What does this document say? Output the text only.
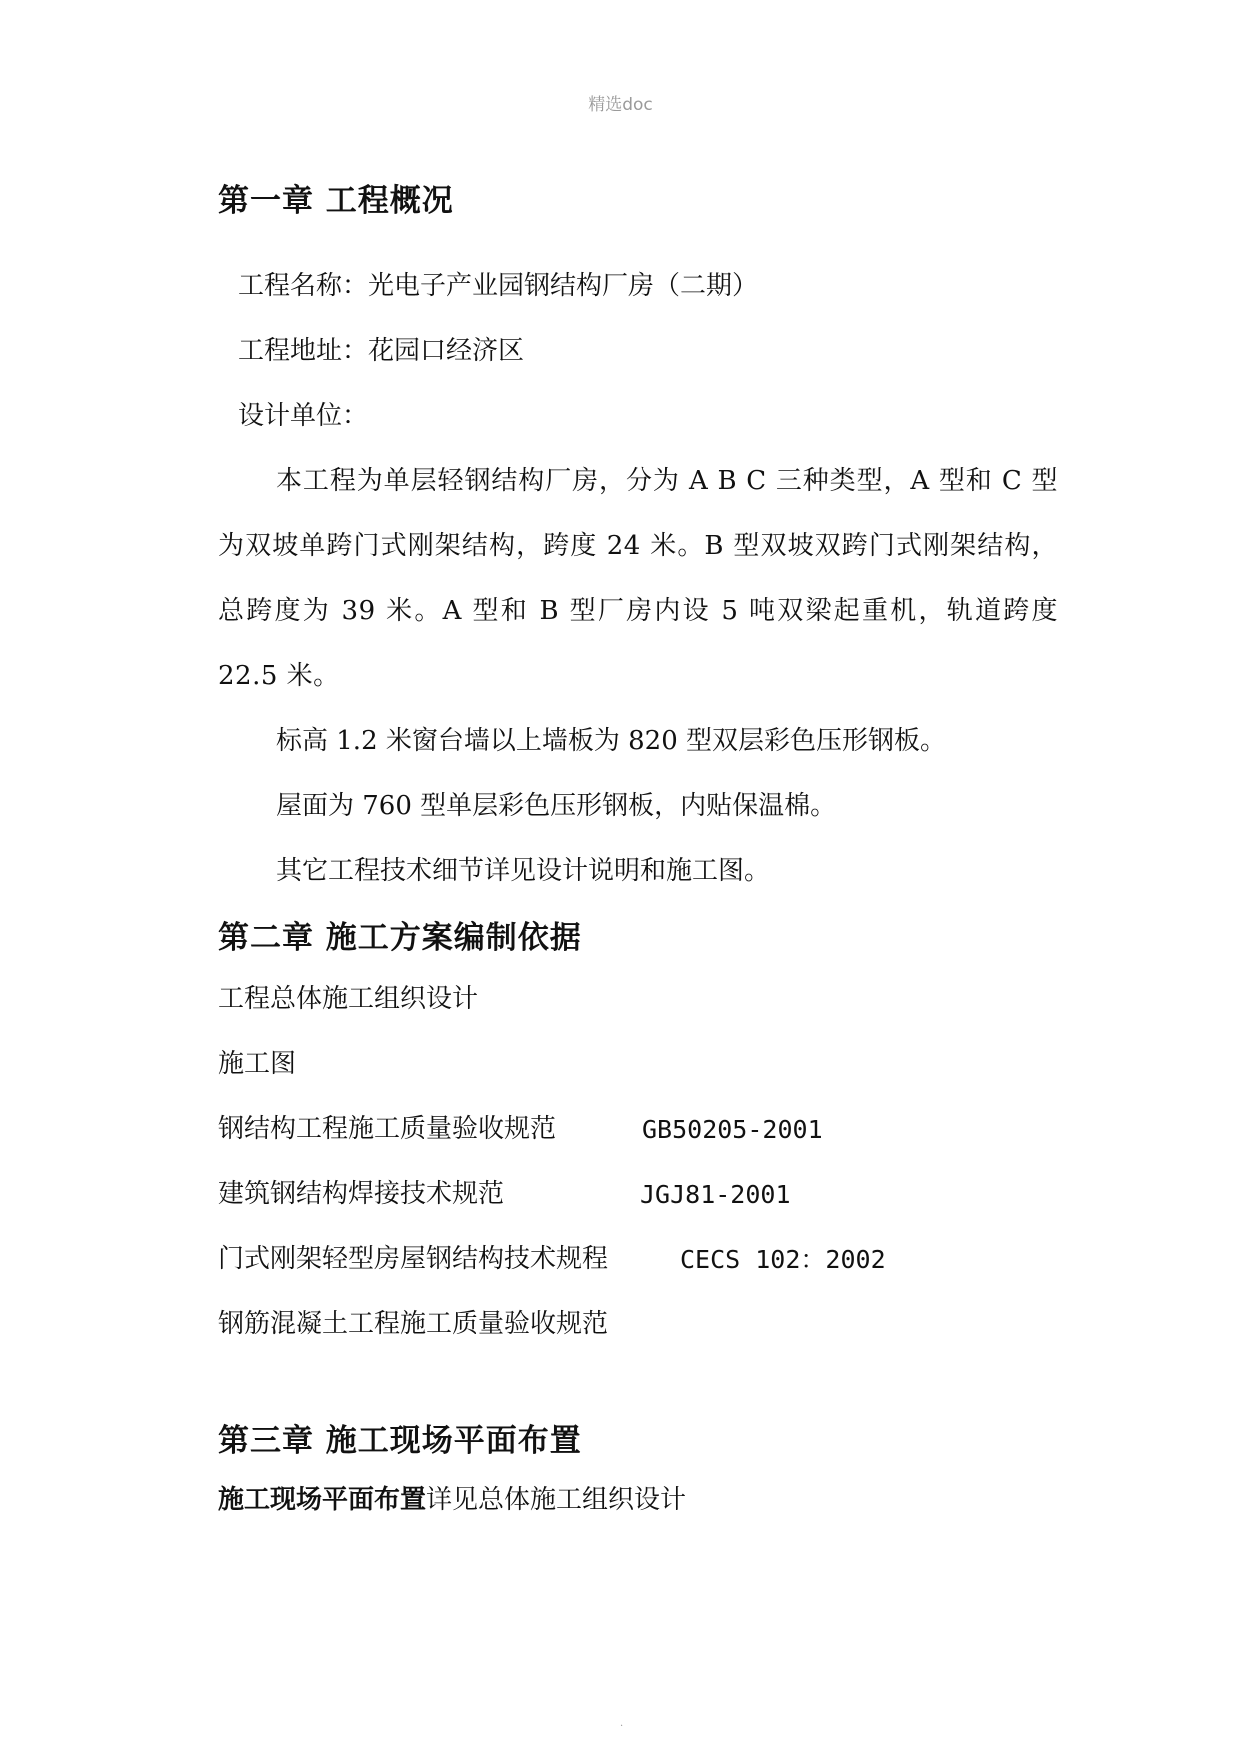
精选doc
第一章 工程概况

工程名称：光电子产业园钢结构厂房（二期）

工程地址：花园口经济区

设计单位：

本工程为单层轻钢结构厂房，分为 A B C 三种类型，A 型和 C 型为双坡单跨门式刚架结构，跨度 24 米。B 型双坡双跨门式刚架结构，总跨度为 39 米。A 型和 B 型厂房内设 5 吨双梁起重机，轨道跨度 22.5 米。

标高 1.2 米窗台墙以上墙板为 820 型双层彩色压形钢板。

屋面为 760 型单层彩色压形钢板，内贴保温棉。

其它工程技术细节详见设计说明和施工图。

第二章 施工方案编制依据
工程总体施工组织设计
施工图
钢结构工程施工质量验收规范	GB50205-2001
建筑钢结构焊接技术规范	JGJ81-2001
门式刚架轻型房屋钢结构技术规程	CECS 102：2002
钢筋混凝土工程施工质量验收规范
第三章 施工现场平面布置

施工现场平面布置详见总体施工组织设计

.
